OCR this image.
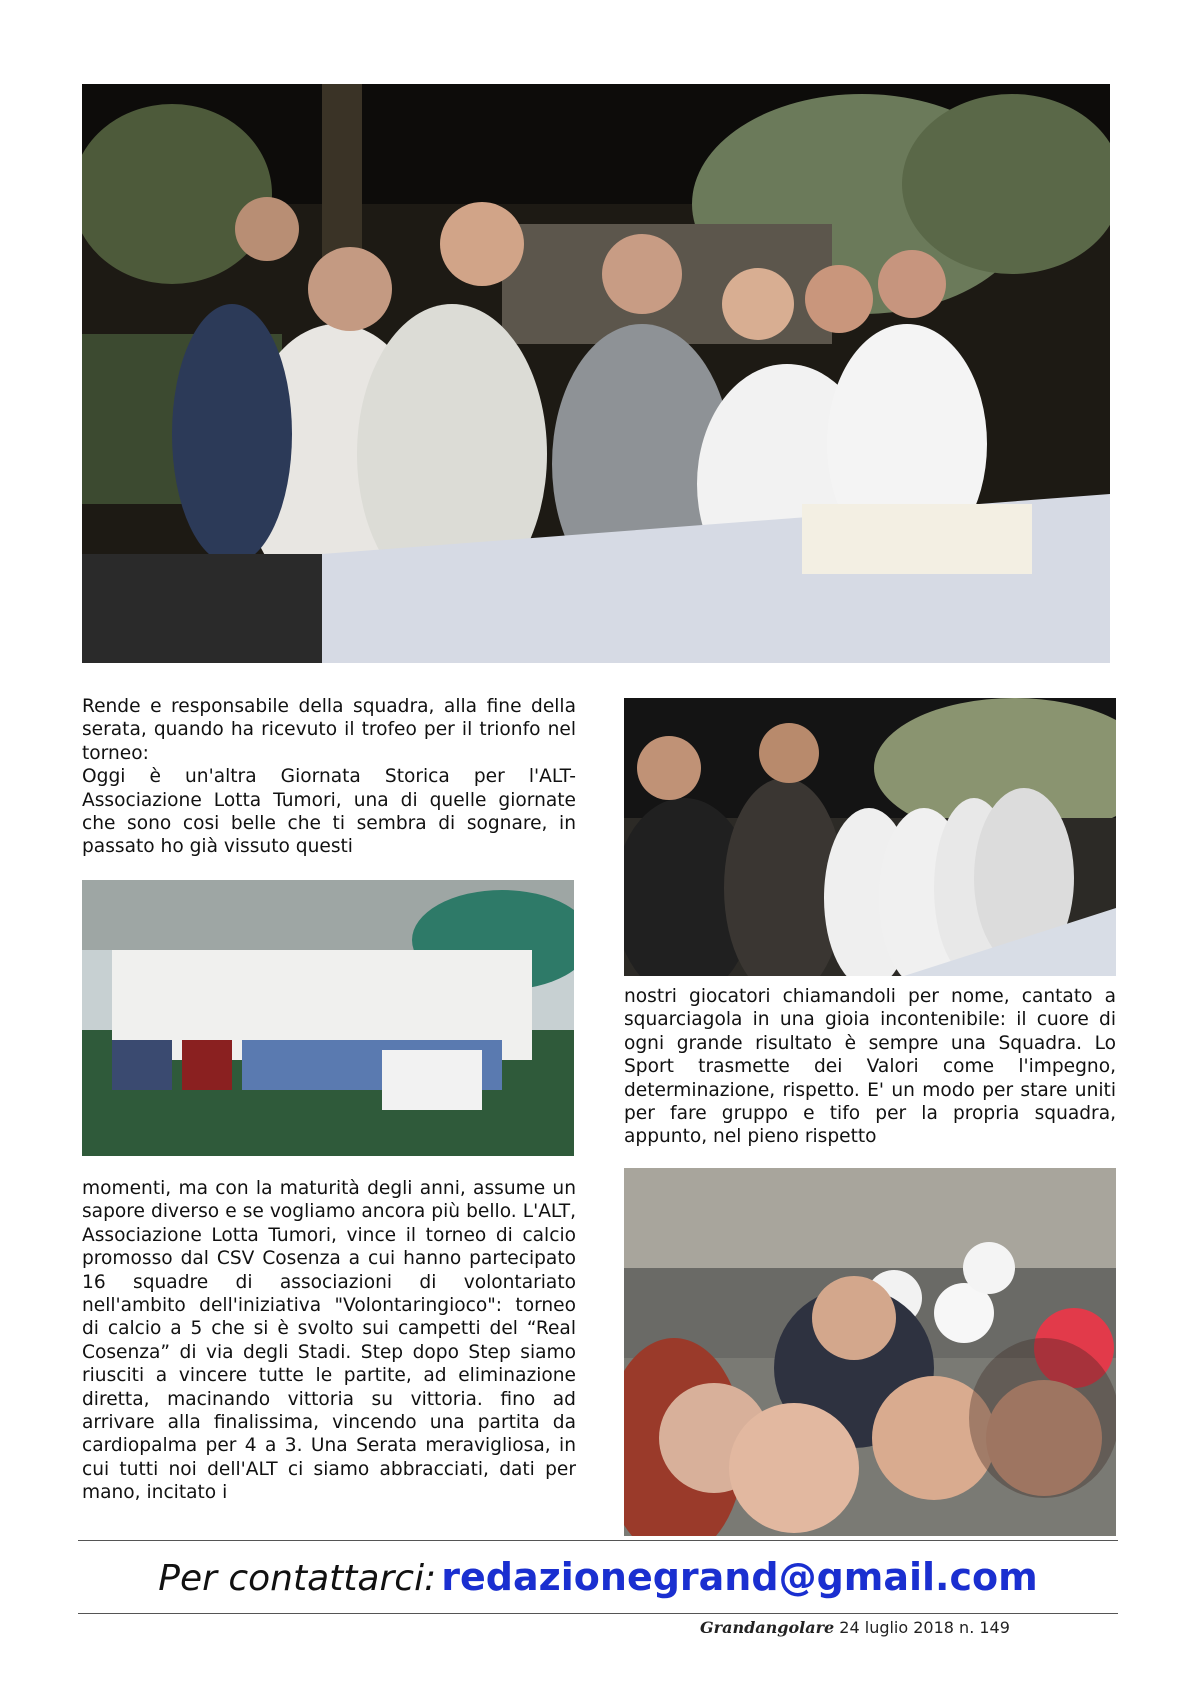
Rende e responsabile della squadra, alla fine della serata, quando ha ricevuto il trofeo per il trionfo nel torneo:

Oggi è un'altra Giornata Storica per l'ALT-Associazione Lotta Tumori, una di quelle giornate che sono cosi belle che ti sembra di sognare, in passato ho già vissuto questi

nostri giocatori chiamandoli per nome, cantato a squarciagola in una gioia incontenibile: il cuore di ogni grande risultato è sempre una Squadra. Lo Sport trasmette dei Valori come l'impegno, determinazione, rispetto. E' un modo per stare uniti per fare gruppo e tifo per la propria squadra, appunto, nel pieno rispetto

momenti, ma con la maturità degli anni, assume un sapore diverso e se vogliamo ancora più bello. L'ALT, Associazione Lotta Tumori, vince il torneo di calcio promosso dal CSV Cosenza a cui hanno partecipato 16 squadre di associazioni di volontariato nell'ambito dell'iniziativa "Volontaringioco": torneo di calcio a 5 che si è svolto sui campetti del “Real Cosenza” di via degli Stadi. Step dopo Step siamo riusciti a vincere tutte le partite, ad eliminazione diretta, macinando vittoria su vittoria. fino ad arrivare alla finalissima, vincendo una partita da cardiopalma per 4 a 3. Una Serata meravigliosa, in cui tutti noi dell'ALT ci siamo abbracciati, dati per mano, incitato i

Per contattarci: redazionegrand@gmail.com
Grandangolare 24 luglio 2018 n. 149
